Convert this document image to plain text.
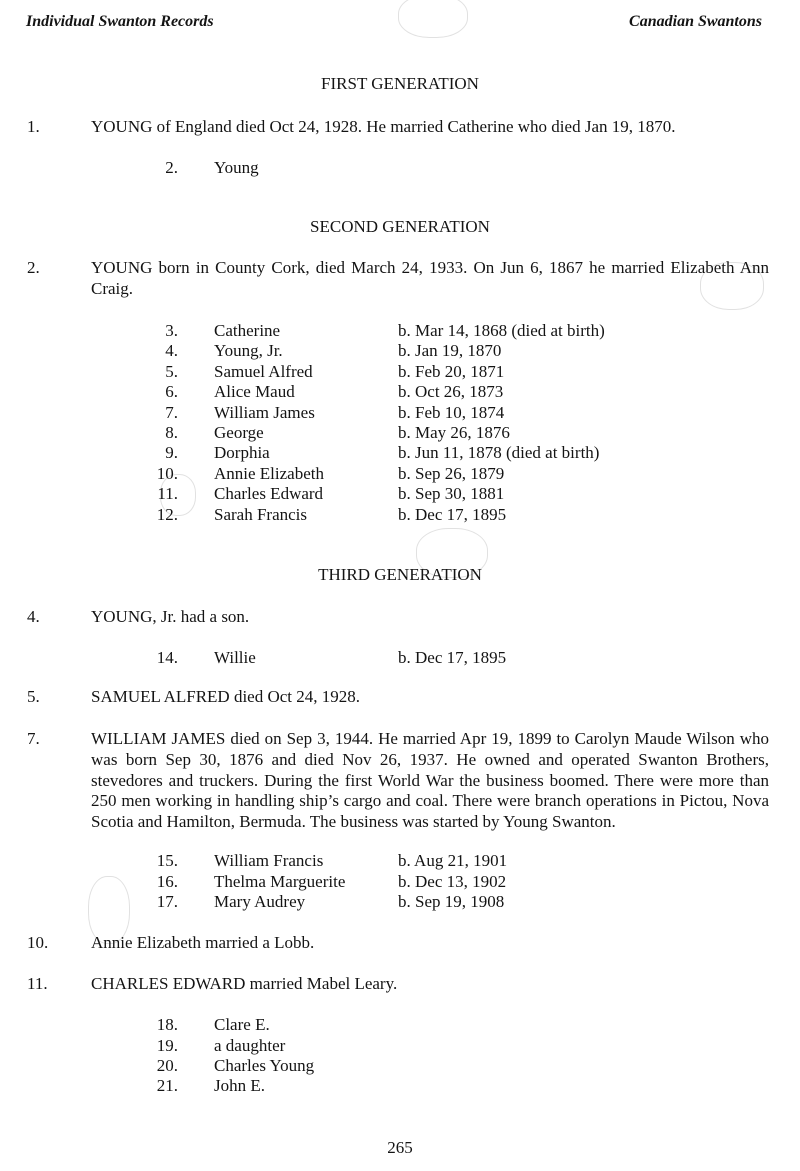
Individual Swanton Records	Canadian Swantons
FIRST GENERATION
1.	YOUNG of England died Oct 24, 1928. He married Catherine who died Jan 19, 1870.
2. Young
SECOND GENERATION
2.	YOUNG born in County Cork, died March 24, 1933. On Jun 6, 1867 he married Elizabeth Ann Craig.
3. Catherine	b. Mar 14, 1868 (died at birth)
4. Young, Jr.	b. Jan 19, 1870
5. Samuel Alfred	b. Feb 20, 1871
6. Alice Maud	b. Oct 26, 1873
7. William James	b. Feb 10, 1874
8. George	b. May 26, 1876
9. Dorphia	b. Jun 11, 1878 (died at birth)
10. Annie Elizabeth	b. Sep 26, 1879
11. Charles Edward	b. Sep 30, 1881
12. Sarah Francis	b. Dec 17, 1895
THIRD GENERATION
4.	YOUNG, Jr. had a son.
14. Willie	b. Dec 17, 1895
5.	SAMUEL ALFRED died Oct 24, 1928.
7.	WILLIAM JAMES died on Sep 3, 1944. He married Apr 19, 1899 to Carolyn Maude Wilson who was born Sep 30, 1876 and died Nov 26, 1937. He owned and operated Swanton Brothers, stevedores and truckers. During the first World War the business boomed. There were more than 250 men working in handling ship’s cargo and coal. There were branch operations in Pictou, Nova Scotia and Hamilton, Bermuda. The business was started by Young Swanton.
15. William Francis	b. Aug 21, 1901
16. Thelma Marguerite	b. Dec 13, 1902
17. Mary Audrey	b. Sep 19, 1908
10.	Annie Elizabeth married a Lobb.
11.	CHARLES EDWARD married Mabel Leary.
18. Clare E.
19. a daughter
20. Charles Young
21. John E.
265
